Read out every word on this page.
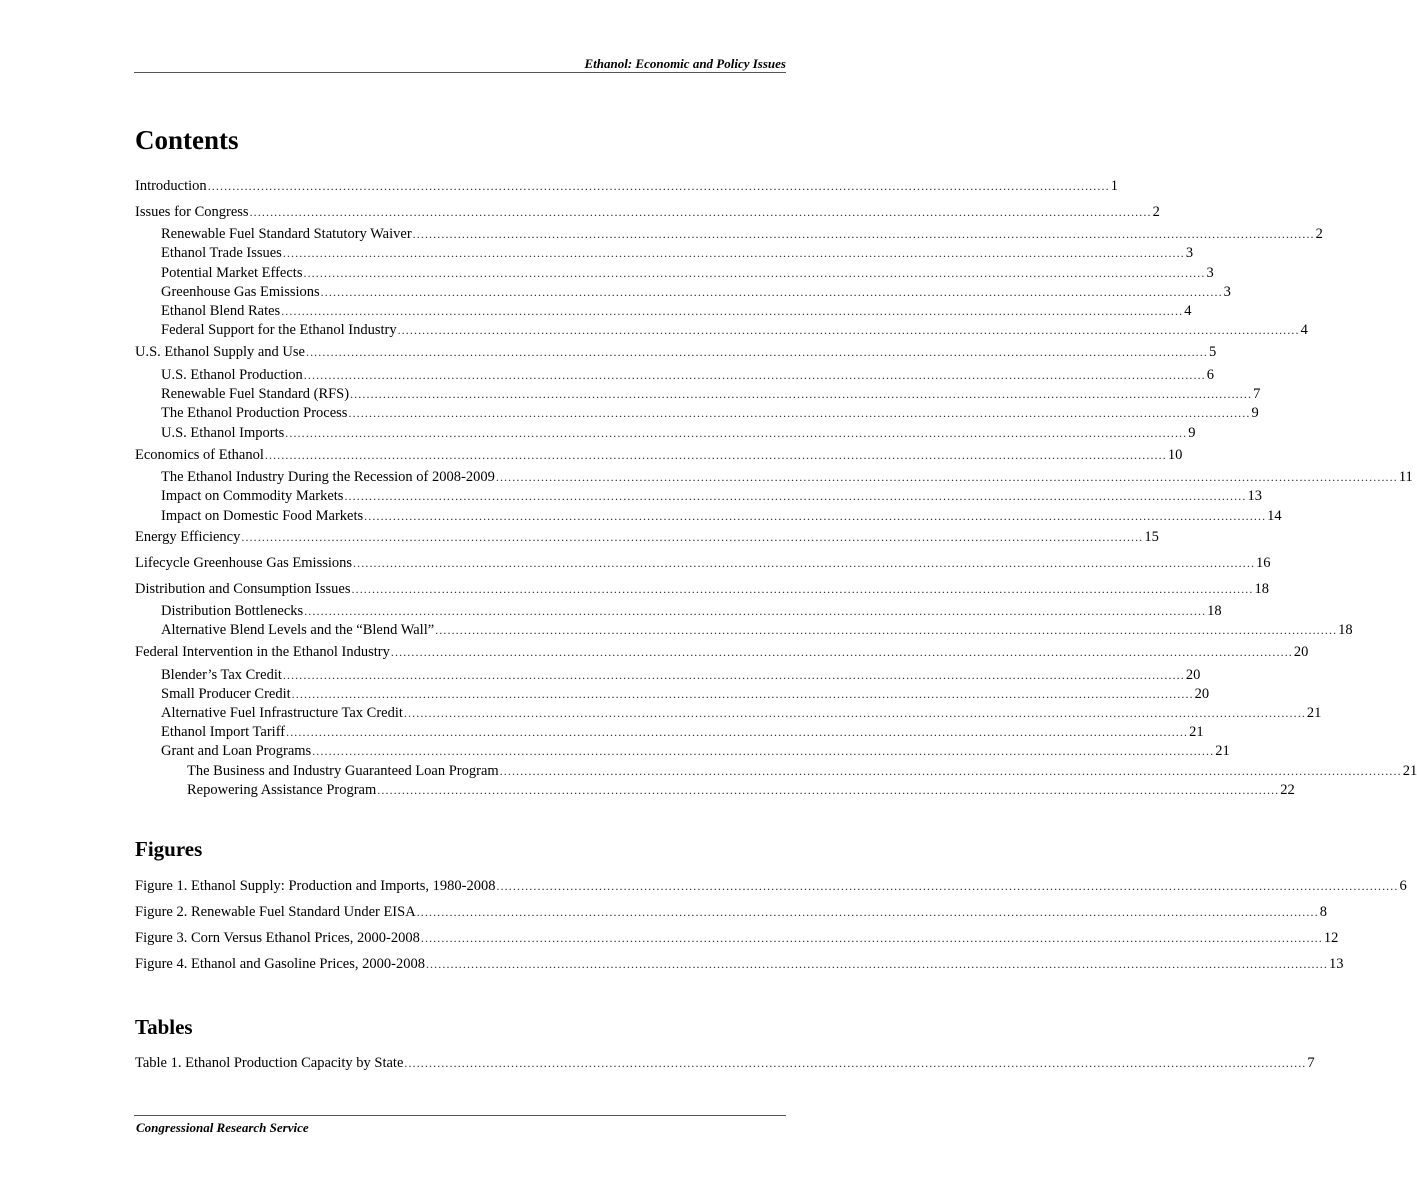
Ethanol: Economic and Policy Issues
Contents
Figures
Tables
Introduction ............................................................................................................................................................................................................................ 1
Issues for Congress ............................................................................................................................................................................................................................ 2
Renewable Fuel Standard Statutory Waiver ............................................................................................................................................................................................................................ 2
Ethanol Trade Issues ............................................................................................................................................................................................................................ 3
Potential Market Effects ............................................................................................................................................................................................................................ 3
Greenhouse Gas Emissions ............................................................................................................................................................................................................................ 3
Ethanol Blend Rates ............................................................................................................................................................................................................................ 4
Federal Support for the Ethanol Industry ............................................................................................................................................................................................................................ 4
U.S. Ethanol Supply and Use ............................................................................................................................................................................................................................ 5
U.S. Ethanol Production ............................................................................................................................................................................................................................ 6
Renewable Fuel Standard (RFS) ............................................................................................................................................................................................................................ 7
The Ethanol Production Process ............................................................................................................................................................................................................................ 9
U.S. Ethanol Imports ............................................................................................................................................................................................................................ 9
Economics of Ethanol ............................................................................................................................................................................................................................ 10
The Ethanol Industry During the Recession of 2008-2009 ............................................................................................................................................................................................................................ 11
Impact on Commodity Markets ............................................................................................................................................................................................................................ 13
Impact on Domestic Food Markets ............................................................................................................................................................................................................................ 14
Energy Efficiency ............................................................................................................................................................................................................................ 15
Lifecycle Greenhouse Gas Emissions ............................................................................................................................................................................................................................ 16
Distribution and Consumption Issues ............................................................................................................................................................................................................................ 18
Distribution Bottlenecks ............................................................................................................................................................................................................................ 18
Alternative Blend Levels and the “Blend Wall” ............................................................................................................................................................................................................................ 18
Federal Intervention in the Ethanol Industry ............................................................................................................................................................................................................................ 20
Blender’s Tax Credit ............................................................................................................................................................................................................................ 20
Small Producer Credit ............................................................................................................................................................................................................................ 20
Alternative Fuel Infrastructure Tax Credit ............................................................................................................................................................................................................................ 21
Ethanol Import Tariff ............................................................................................................................................................................................................................ 21
Grant and Loan Programs ............................................................................................................................................................................................................................ 21
The Business and Industry Guaranteed Loan Program ............................................................................................................................................................................................................................ 21
Repowering Assistance Program ............................................................................................................................................................................................................................ 22
Figure 1. Ethanol Supply: Production and Imports, 1980-2008 ............................................................................................................................................................................................................................ 6
Figure 2. Renewable Fuel Standard Under EISA ............................................................................................................................................................................................................................ 8
Figure 3. Corn Versus Ethanol Prices, 2000-2008 ............................................................................................................................................................................................................................ 12
Figure 4. Ethanol and Gasoline Prices, 2000-2008 ............................................................................................................................................................................................................................ 13
Table 1. Ethanol Production Capacity by State ............................................................................................................................................................................................................................ 7
Congressional Research Service
